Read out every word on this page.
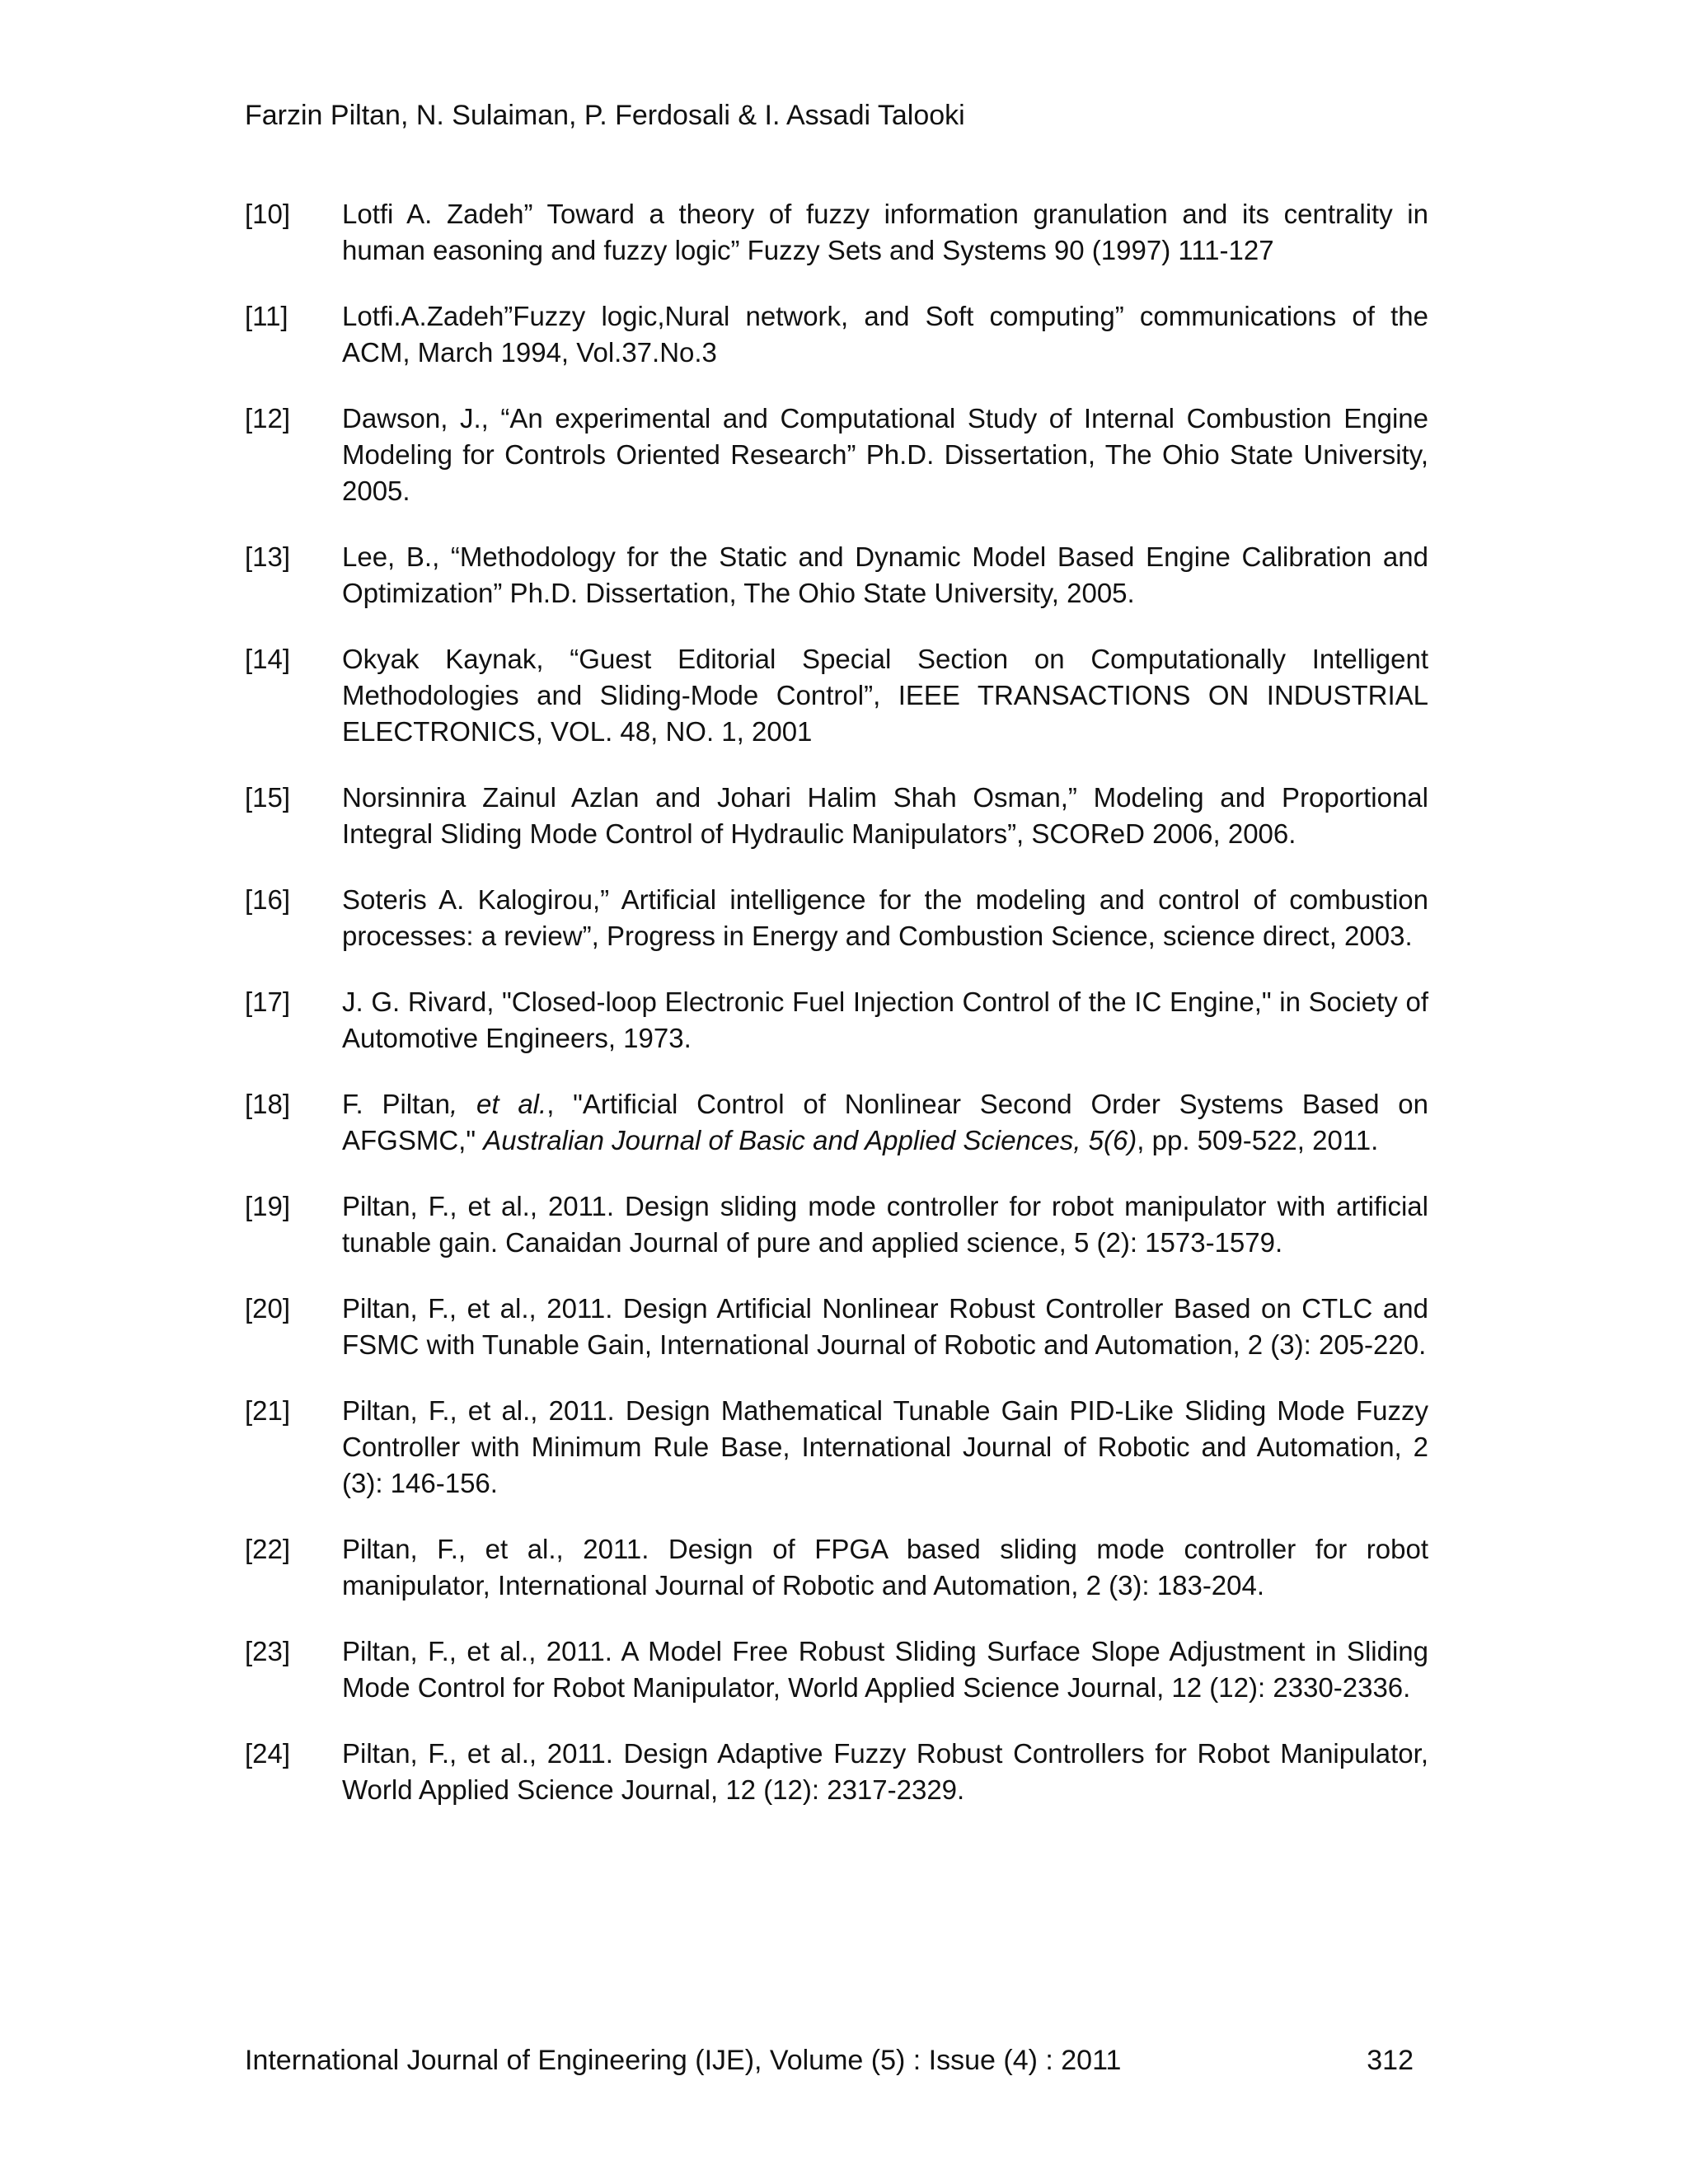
Farzin Piltan, N. Sulaiman, P. Ferdosali & I. Assadi Talooki
[10]	Lotfi A. Zadeh” Toward a theory of fuzzy information granulation and its centrality in human easoning and fuzzy logic” Fuzzy Sets and Systems 90 (1997) 111-127
[11]	Lotfi.A.Zadeh”Fuzzy logic,Nural network, and Soft computing” communications of the ACM, March 1994, Vol.37.No.3
[12]	Dawson, J., “An experimental and Computational Study of Internal Combustion Engine Modeling for Controls Oriented Research” Ph.D. Dissertation, The Ohio State University, 2005.
[13]	Lee, B., “Methodology for the Static and Dynamic Model Based Engine Calibration and Optimization” Ph.D. Dissertation, The Ohio State University, 2005.
[14]	Okyak Kaynak, “Guest Editorial Special Section on Computationally Intelligent Methodologies and Sliding-Mode Control”, IEEE TRANSACTIONS ON INDUSTRIAL ELECTRONICS, VOL. 48, NO. 1, 2001
[15]	Norsinnira Zainul Azlan and Johari Halim Shah Osman,” Modeling and Proportional Integral Sliding Mode Control of Hydraulic Manipulators”, SCOReD 2006, 2006.
[16]	Soteris A. Kalogirou,” Artificial intelligence for the modeling and control of combustion processes: a review”, Progress in Energy and Combustion Science, science direct, 2003.
[17]	J. G. Rivard, "Closed-loop Electronic Fuel Injection Control of the IC Engine," in Society of Automotive Engineers, 1973.
[18]	F. Piltan, et al., "Artificial Control of Nonlinear Second Order Systems Based on AFGSMC," Australian Journal of Basic and Applied Sciences, 5(6), pp. 509-522, 2011.
[19]	Piltan, F., et al., 2011. Design sliding mode controller for robot manipulator with artificial tunable gain. Canaidan Journal of pure and applied science, 5 (2): 1573-1579.
[20]	Piltan, F., et al., 2011. Design Artificial Nonlinear Robust Controller Based on CTLC and FSMC with Tunable Gain, International Journal of Robotic and Automation, 2 (3): 205-220.
[21]	Piltan, F., et al., 2011. Design Mathematical Tunable Gain PID-Like Sliding Mode Fuzzy Controller with Minimum Rule Base, International Journal of Robotic and Automation, 2 (3): 146-156.
[22]	Piltan, F., et al., 2011. Design of FPGA based sliding mode controller for robot manipulator, International Journal of Robotic and Automation, 2 (3): 183-204.
[23]	Piltan, F., et al., 2011. A Model Free Robust Sliding Surface Slope Adjustment in Sliding Mode Control for Robot Manipulator, World Applied Science Journal, 12 (12): 2330-2336.
[24]	Piltan, F., et al., 2011. Design Adaptive Fuzzy Robust Controllers for Robot Manipulator, World Applied Science Journal, 12 (12): 2317-2329.
International Journal of Engineering (IJE), Volume (5) : Issue (4) : 2011	312
